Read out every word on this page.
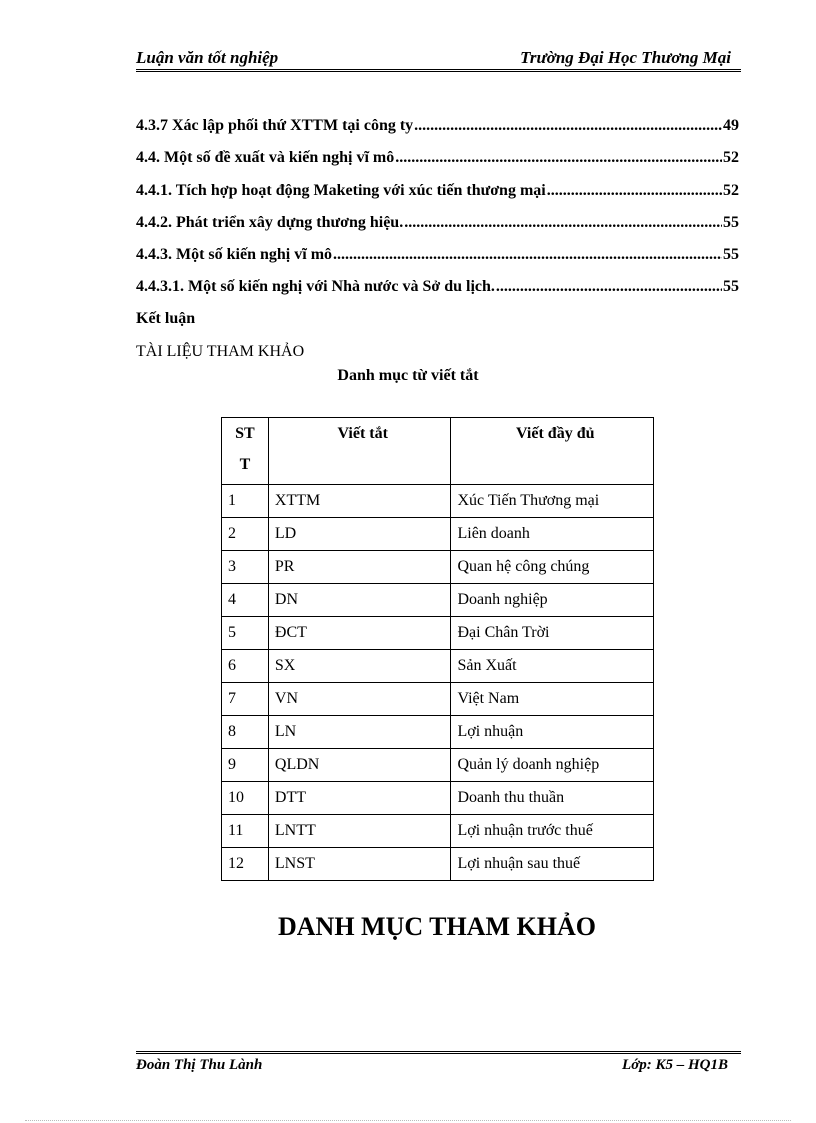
Luận văn tốt nghiệp	Trường Đại Học Thương Mại
4.3.7 Xác lập phối thứ XTTM tại công ty .....	49
4.4. Một số đề xuất và kiến nghị vĩ mô .....	52
4.4.1. Tích hợp hoạt động Maketing với xúc tiến thương mại .....	52
4.4.2. Phát triển xây dựng thương hiệu. .....	55
4.4.3. Một số kiến nghị vĩ mô .....	55
4.4.3.1. Một số kiến nghị với Nhà nước và Sở du lịch. .....	55
Kết luận
TÀI LIỆU THAM KHẢO
Danh mục từ viết tắt
ST
T	Viết tắt	Viết đầy đủ
1	XTTM	Xúc Tiến Thương mại
2	LD	Liên doanh
3	PR	Quan hệ công chúng
4	DN	Doanh nghiệp
5	ĐCT	Đại Chân Trời
6	SX	Sản Xuất
7	VN	Việt Nam
8	LN	Lợi nhuận
9	QLDN	Quản lý doanh nghiệp
10	DTT	Doanh thu thuần
11	LNTT	Lợi nhuận trước thuế
12	LNST	Lợi nhuận sau thuế
DANH MỤC THAM KHẢO
Đoàn Thị Thu Lành	Lớp: K5 – HQ1B
